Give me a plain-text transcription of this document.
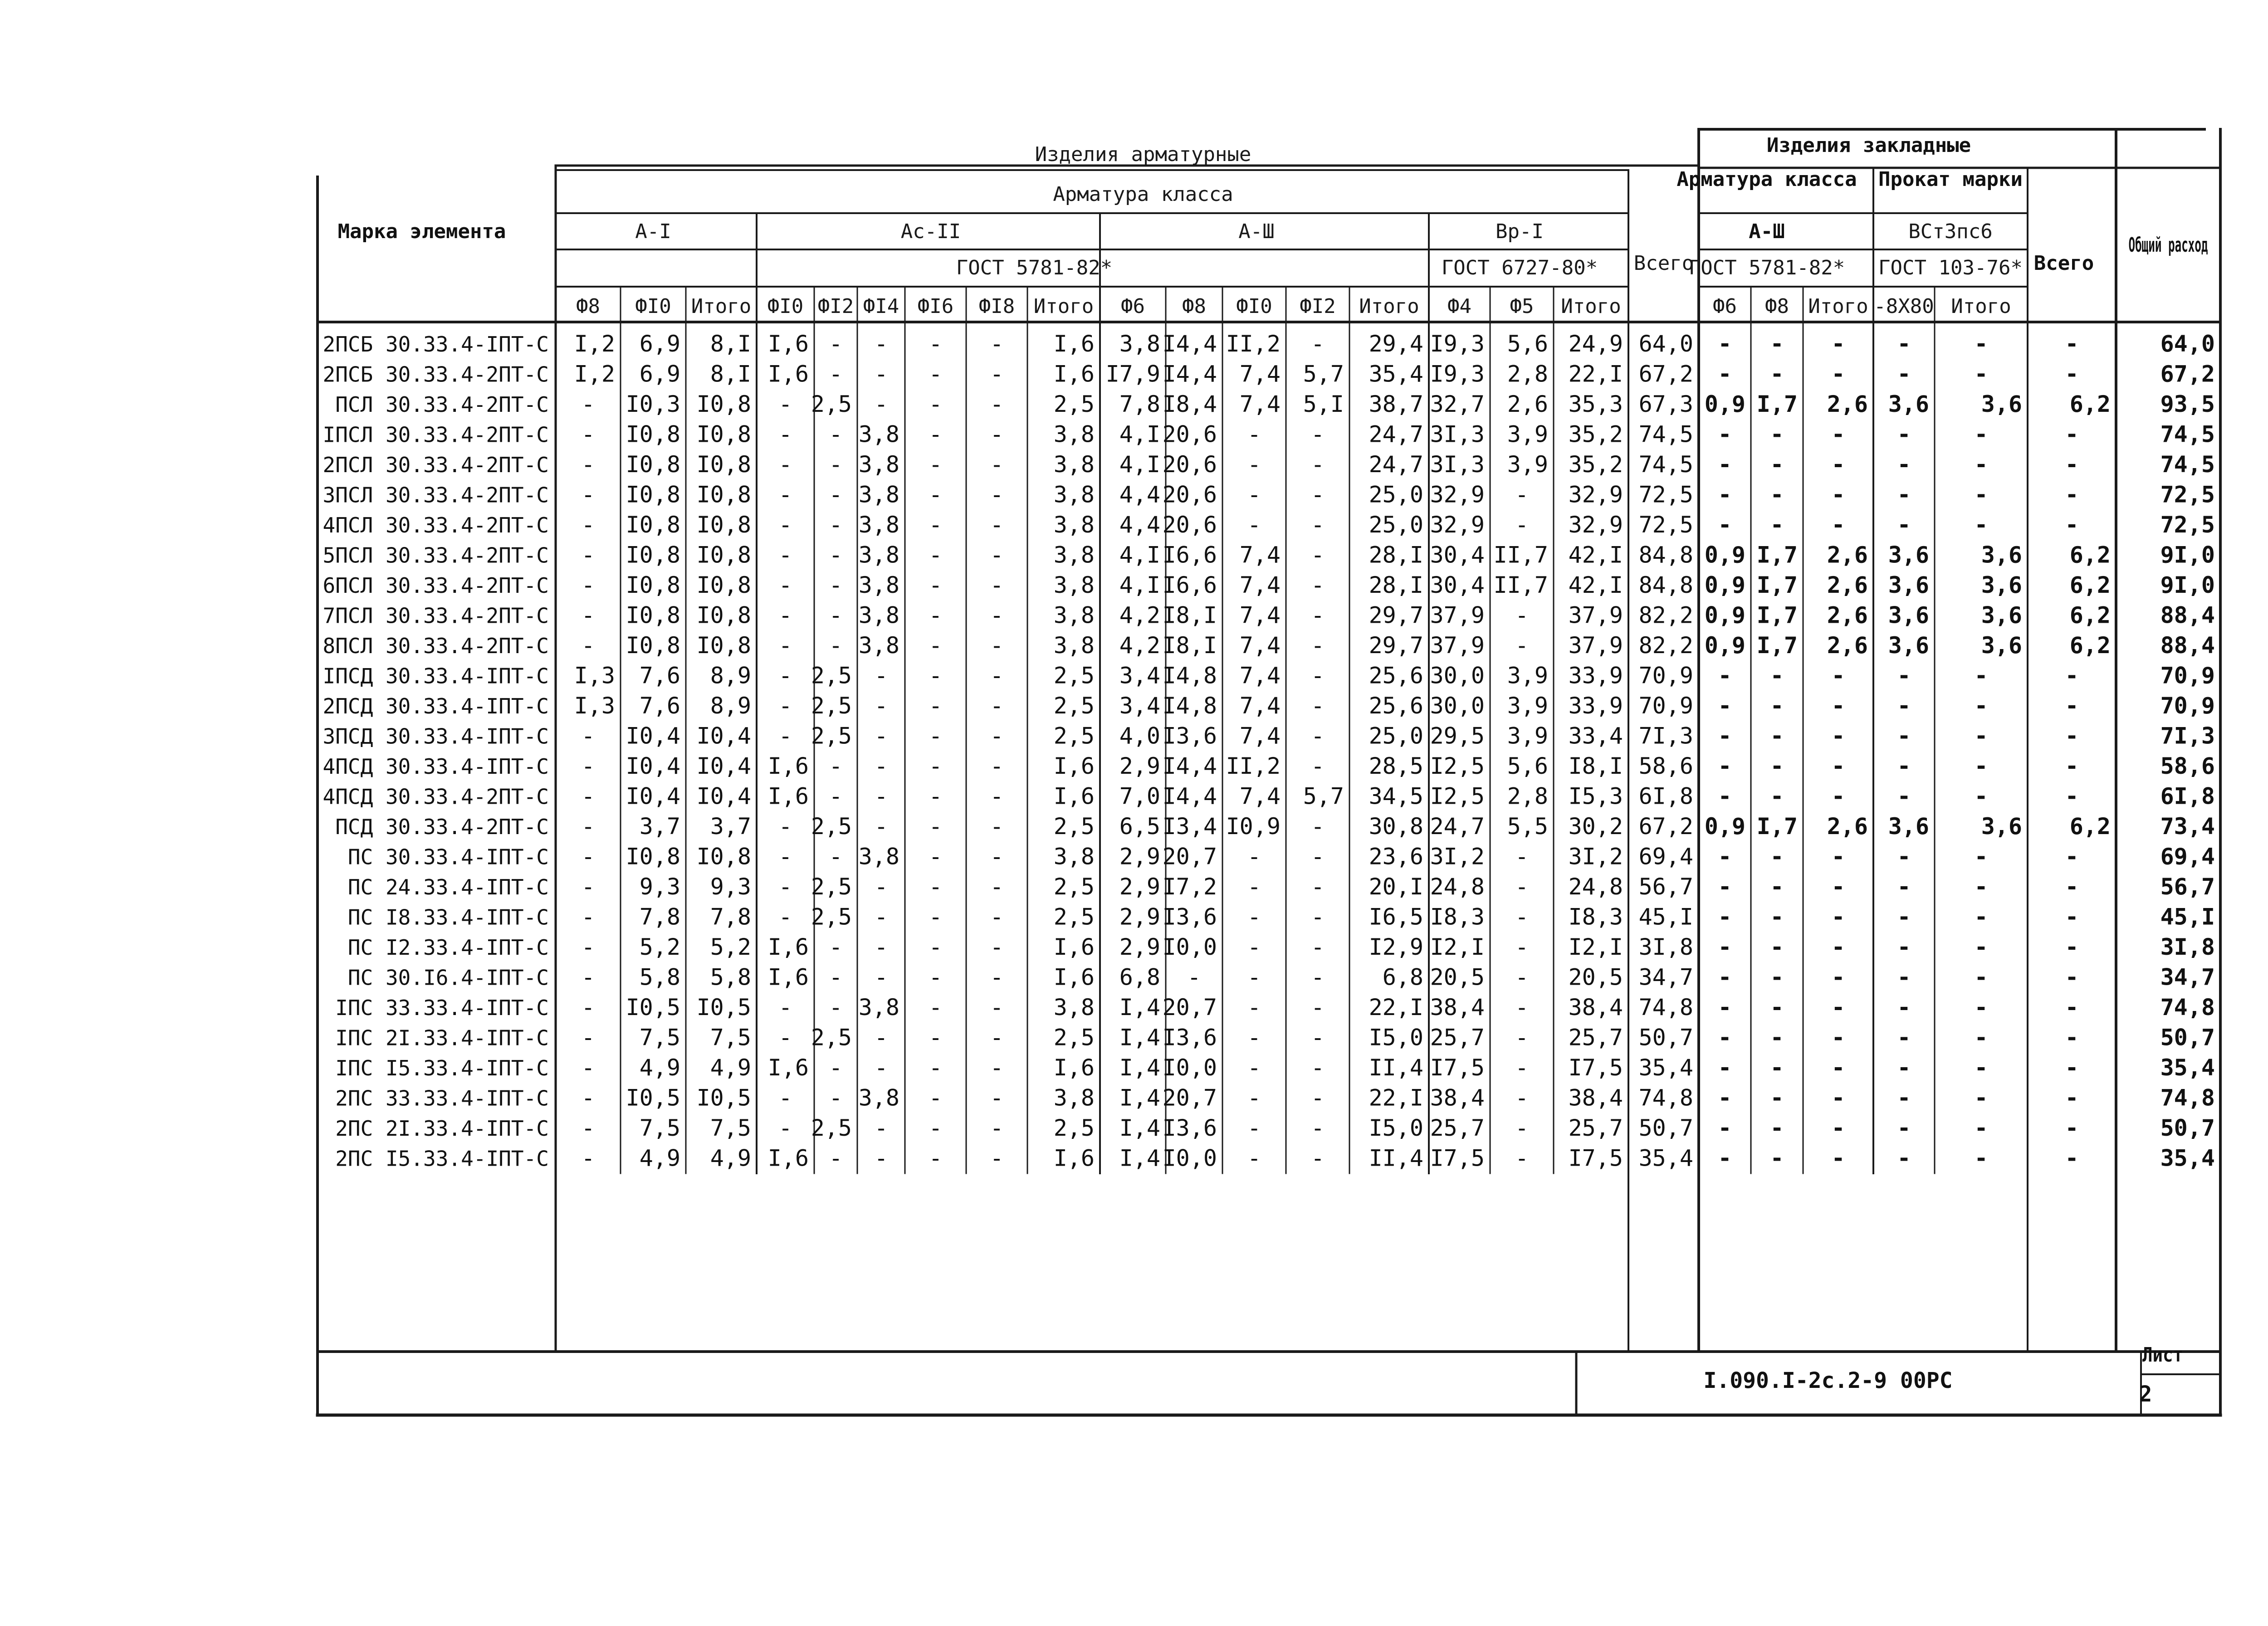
Изделия арматурные	Изделия закладные
Марка элемента
Арматура класса
А-I	Ас-II	А-Ш	Вр-I
ГОСТ 5781-82*	ГОСТ 6727-80* Всего
Арматура класса
А-Ш
ГОСТ 5781-82*
Прокат марки
ВСт3пс6
ГОСТ 103-76* Всего
Общий расход
Ф8 ФI0 Итого ФI0 ФI2 ФI4 ФI6 ФI8 Итого Ф6 Ф8 ФI0 ФI2 Итого Ф4 Ф5 Итого	Ф6 Ф8 Итого -8Х80 Итого
2ПСБ 30.33.4-IПТ-С I,2 6,9 8,I I,6 - - - - I,6 3,8 I4,4 II,2 - 29,4 I9,3 5,6 24,9 64,0 - - - -	-	-	64,0
2ПСБ 30.33.4-2ПТ-С I,2 6,9 8,I I,6 - - - - I,6 I7,9 I4,4 7,4 5,7 35,4 I9,3 2,8 22,I 67,2 - - - -	-	-	67,2
ПСЛ 30.33.4-2ПТ-С - I0,3 I0,8 - 2,5 - - - 2,5 7,8 I8,4 7,4 5,I 38,7 32,7 2,6 35,3 67,3 0,9 I,7 2,6 3,6 3,6 6,2 93,5
IПСЛ 30.33.4-2ПТ-С - I0,8 I0,8 - - 3,8 - - 3,8 4,I 20,6 - - 24,7 3I,3 3,9 35,2 74,5 - - - -	-	-	74,5
2ПСЛ 30.33.4-2ПТ-С - I0,8 I0,8 - - 3,8 - - 3,8 4,I 20,6 - - 24,7 3I,3 3,9 35,2 74,5 - - - -	-	-	74,5
3ПСЛ 30.33.4-2ПТ-С - I0,8 I0,8 - - 3,8 - - 3,8 4,4 20,6 - - 25,0 32,9 - 32,9 72,5 - - - -	-	-	72,5
4ПСЛ 30.33.4-2ПТ-С - I0,8 I0,8 - - 3,8 - - 3,8 4,4 20,6 - - 25,0 32,9 - 32,9 72,5 - - - -	-	-	72,5
5ПСЛ 30.33.4-2ПТ-С - I0,8 I0,8 - - 3,8 - - 3,8 4,I I6,6 7,4 - 28,I 30,4 II,7 42,I 84,8 0,9 I,7 2,6 3,6 3,6 6,2 9I,0
6ПСЛ 30.33.4-2ПТ-С - I0,8 I0,8 - - 3,8 - - 3,8 4,I I6,6 7,4 - 28,I 30,4 II,7 42,I 84,8 0,9 I,7 2,6 3,6 3,6 6,2 9I,0
7ПСЛ 30.33.4-2ПТ-С - I0,8 I0,8 - - 3,8 - - 3,8 4,2 I8,I 7,4 - 29,7 37,9 - 37,9 82,2 0,9 I,7 2,6 3,6 3,6 6,2 88,4
8ПСЛ 30.33.4-2ПТ-С - I0,8 I0,8 - - 3,8 - - 3,8 4,2 I8,I 7,4 - 29,7 37,9 - 37,9 82,2 0,9 I,7 2,6 3,6 3,6 6,2 88,4
IПСД 30.33.4-IПТ-С I,3 7,6 8,9 - 2,5 - - - 2,5 3,4 I4,8 7,4 - 25,6 30,0 3,9 33,9 70,9 - - - -	-	-	70,9
2ПСД 30.33.4-IПТ-С I,3 7,6 8,9 - 2,5 - - - 2,5 3,4 I4,8 7,4 - 25,6 30,0 3,9 33,9 70,9 - - - -	-	-	70,9
3ПСД 30.33.4-IПТ-С - I0,4 I0,4 - 2,5 - - - 2,5 4,0 I3,6 7,4 - 25,0 29,5 3,9 33,4 7I,3 - - - -	-	-	7I,3
4ПСД 30.33.4-IПТ-С - I0,4 I0,4 I,6 - - - - I,6 2,9 I4,4 II,2 - 28,5 I2,5 5,6 I8,I 58,6 - - - -	-	-	58,6
4ПСД 30.33.4-2ПТ-С - I0,4 I0,4 I,6 - - - - I,6 7,0 I4,4 7,4 5,7 34,5 I2,5 2,8 I5,3 6I,8 - - - -	-	-	6I,8
ПСД 30.33.4-2ПТ-С - 3,7 3,7 - 2,5 - - - 2,5 6,5 I3,4 I0,9 - 30,8 24,7 5,5 30,2 67,2 0,9 I,7 2,6 3,6 3,6 6,2 73,4
ПС 30.33.4-IПТ-С - I0,8 I0,8 - - 3,8 - - 3,8 2,9 20,7 - - 23,6 3I,2 - 3I,2 69,4 - - - -	-	-	69,4
ПС 24.33.4-IПТ-С - 9,3 9,3 - 2,5 - - - 2,5 2,9 I7,2 - - 20,I 24,8 - 24,8 56,7 - - - -	-	-	56,7
ПС I8.33.4-IПТ-С - 7,8 7,8 - 2,5 - - - 2,5 2,9 I3,6 - - I6,5 I8,3 - I8,3 45,I - - - -	-	-	45,I
ПС I2.33.4-IПТ-С - 5,2 5,2 I,6 - - - - I,6 2,9 I0,0 - - I2,9 I2,I - I2,I 3I,8 - - - -	-	-	3I,8
ПС 30.I6.4-IПТ-С - 5,8 5,8 I,6 - - - - I,6 6,8 - - -	6,8 20,5 - 20,5 34,7 - - - -	-	-	34,7
IПС 33.33.4-IПТ-С - I0,5 I0,5 - - 3,8 - - 3,8 I,4 20,7 - - 22,I 38,4 - 38,4 74,8 - - - -	-	-	74,8
IПС 2I.33.4-IПТ-С - 7,5 7,5 - 2,5 - - - 2,5 I,4 I3,6 - - I5,0 25,7 - 25,7 50,7 - - - -	-	-	50,7
IПС I5.33.4-IПТ-С - 4,9 4,9 I,6 - - - - I,6 I,4 I0,0 - - II,4 I7,5 - I7,5 35,4 - - - -	-	-	35,4
2ПС 33.33.4-IПТ-С - I0,5 I0,5 - - 3,8 - - 3,8 I,4 20,7 - - 22,I 38,4 - 38,4 74,8 - - - -	-	-	74,8
2ПС 2I.33.4-IПТ-С - 7,5 7,5 - 2,5 - - - 2,5 I,4 I3,6 - - I5,0 25,7 - 25,7 50,7 - - - -	-	-	50,7
2ПС I5.33.4-IПТ-С - 4,9 4,9 I,6 - - - - I,6 I,4 I0,0 - - II,4 I7,5 - I7,5 35,4 - - - -	-	-	35,4
I.090.I-2с.2-9 00РС
Лист
2
